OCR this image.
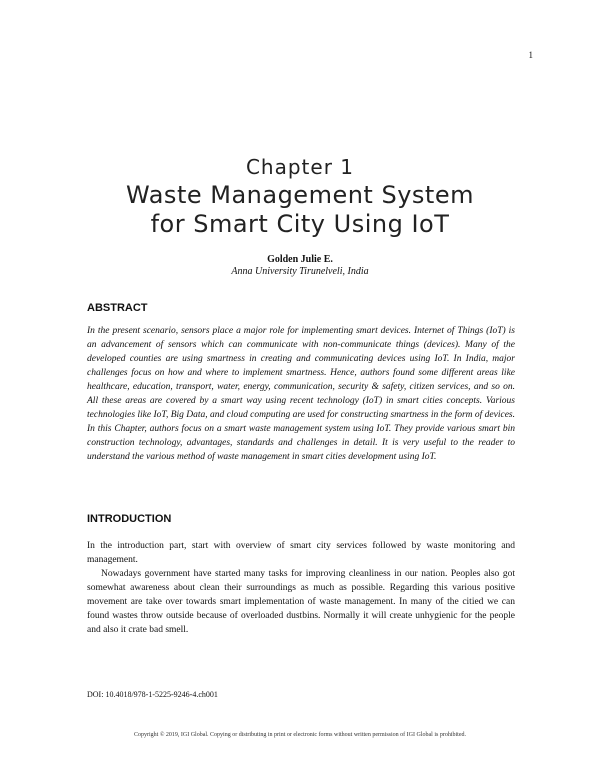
1
Chapter 1
Waste Management System
for Smart City Using IoT
Golden Julie E.
Anna University Tirunelveli, India
ABSTRACT
In the present scenario, sensors place a major role for implementing smart devices. Internet of Things (IoT) is an advancement of sensors which can communicate with non-communicate things (devices). Many of the developed counties are using smartness in creating and communicating devices using IoT. In India, major challenges focus on how and where to implement smartness. Hence, authors found some different areas like healthcare, education, transport, water, energy, communication, security & safety, citizen services, and so on. All these areas are covered by a smart way using recent technology (IoT) in smart cities concepts. Various technologies like IoT, Big Data, and cloud computing are used for constructing smartness in the form of devices. In this Chapter, authors focus on a smart waste management system using IoT. They provide various smart bin construction technology, advantages, standards and challenges in detail. It is very useful to the reader to understand the various method of waste management in smart cities development using IoT.
INTRODUCTION

In the introduction part, start with overview of smart city services followed by waste monitoring and management.

Nowadays government have started many tasks for improving cleanliness in our nation. Peoples also got somewhat awareness about clean their surroundings as much as possible. Regarding this various positive movement are take over towards smart implementation of waste management. In many of the citied we can found wastes throw outside because of overloaded dustbins. Normally it will create unhygienic for the people and also it crate bad smell.

DOI: 10.4018/978-1-5225-9246-4.ch001
Copyright © 2019, IGI Global. Copying or distributing in print or electronic forms without written permission of IGI Global is prohibited.
